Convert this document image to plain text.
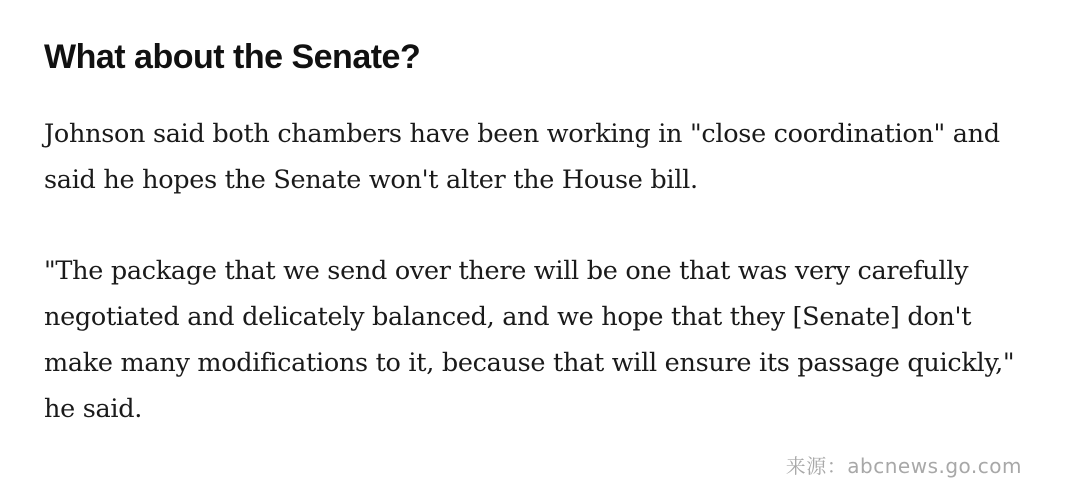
What about the Senate?

Johnson said both chambers have been working in "close coordination" and said he hopes the Senate won't alter the House bill.

"The package that we send over there will be one that was very carefully negotiated and delicately balanced, and we hope that they [Senate] don't make many modifications to it, because that will ensure its passage quickly," he said.

来源：abcnews.go.com
